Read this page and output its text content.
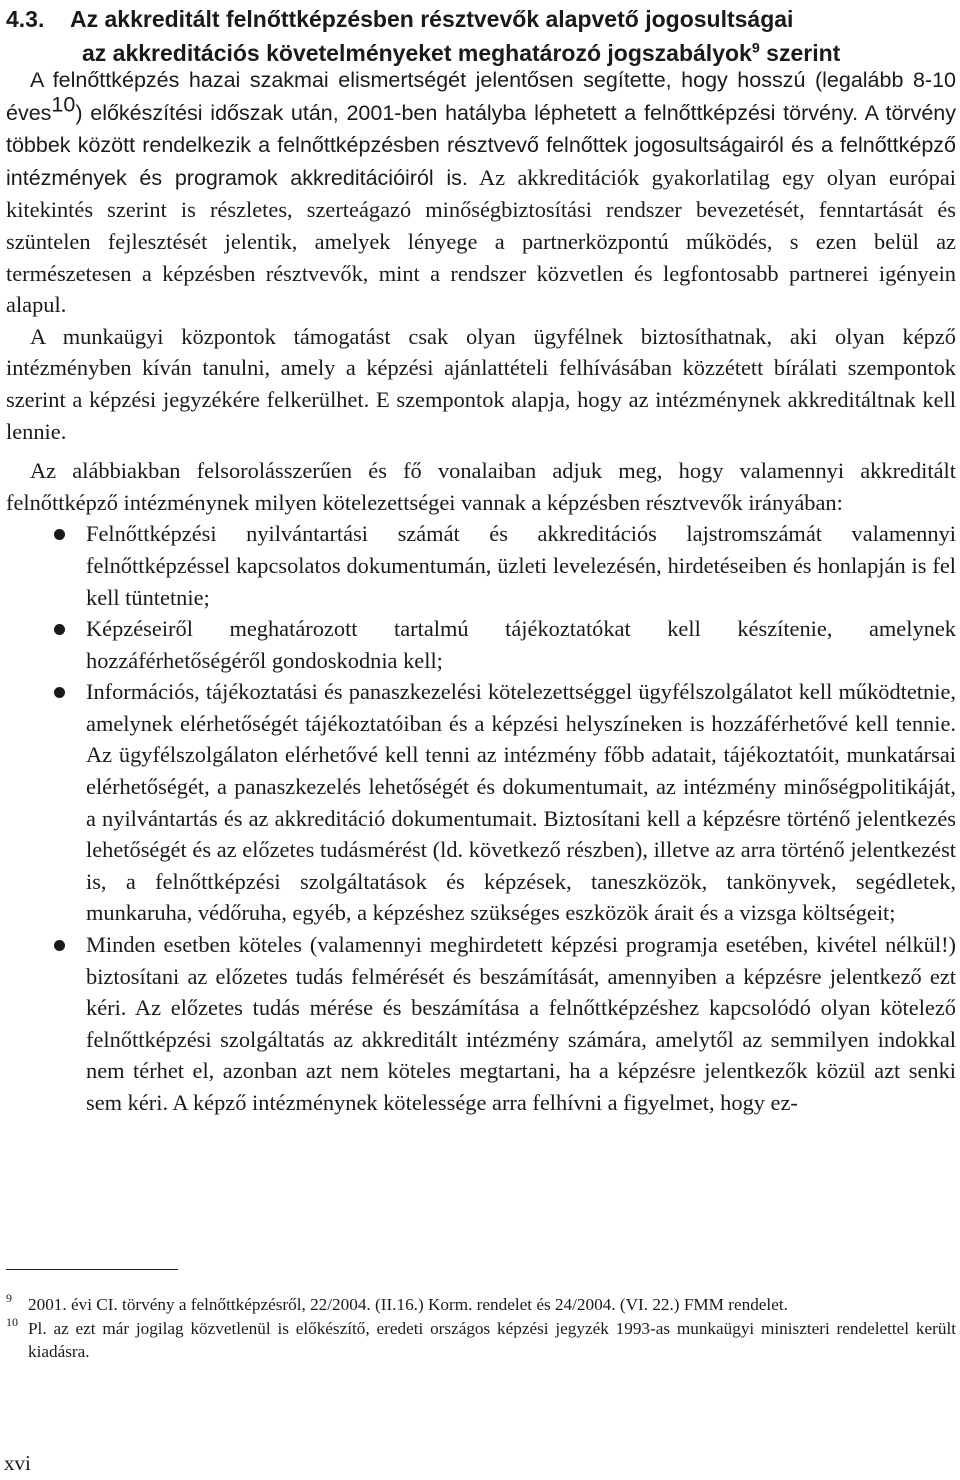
4.3. Az akkreditált felnőttképzésben résztvevők alapvető jogosultságai
az akkreditációs követelményeket meghatározó jogszabályok$^9$ szerint

A felnőttképzés hazai szakmai elismertségét jelentősen segítette, hogy hosszú (legalább 8-10 éves$^{10}$) előkészítési időszak után, 2001-ben hatályba léphetett a felnőttképzési törvény. A törvény többek között rendelkezik a felnőttképzésben résztvevő felnőttek jogosultságairól és a felnőttképző intézmények és programok akkreditációiról is. Az akkreditációk gyakorlatilag egy olyan európai kitekintés szerint is részletes, szerteágazó minőségbiztosítási rendszer bevezetését, fenntartását és szüntelen fejlesztését jelentik, amelyek lényege a partnerközpontú működés, s ezen belül az természetesen a képzésben résztvevők, mint a rendszer közvetlen és legfontosabb partnerei igényein alapul.

A munkaügyi központok támogatást csak olyan ügyfélnek biztosíthatnak, aki olyan képző intézményben kíván tanulni, amely a képzési ajánlattételi felhívásában közzétett bírálati szempontok szerint a képzési jegyzékére felkerülhet. E szempontok alapja, hogy az intézménynek akkreditáltnak kell lennie.

Az alábbiakban felsorolásszerűen és fő vonalaiban adjuk meg, hogy valamennyi akkreditált felnőttképző intézménynek milyen kötelezettségei vannak a képzésben résztvevők irányában:

Felnőttképzési nyilvántartási számát és akkreditációs lajstromszámát valamennyi felnőttképzéssel kapcsolatos dokumentumán, üzleti levelezésén, hirdetéseiben és honlapján is fel kell tüntetnie;
Képzéseiről meghatározott tartalmú tájékoztatókat kell készítenie, amelynek hozzáférhetőségéről gondoskodnia kell;
Információs, tájékoztatási és panaszkezelési kötelezettséggel ügyfélszolgálatot kell működtetnie, amelynek elérhetőségét tájékoztatóiban és a képzési helyszíneken is hozzáférhetővé kell tennie. Az ügyfélszolgálaton elérhetővé kell tenni az intézmény főbb adatait, tájékoztatóit, munkatársai elérhetőségét, a panaszkezelés lehetőségét és dokumentumait, az intézmény minőségpolitikáját, a nyilvántartás és az akkreditáció dokumentumait. Biztosítani kell a képzésre történő jelentkezés lehetőségét és az előzetes tudásmérést (ld. következő részben), illetve az arra történő jelentkezést is, a felnőttképzési szolgáltatások és képzések, taneszközök, tankönyvek, segédletek, munkaruha, védőruha, egyéb, a képzéshez szükséges eszközök árait és a vizsga költségeit;
Minden esetben köteles (valamennyi meghirdetett képzési programja esetében, kivétel nélkül!) biztosítani az előzetes tudás felmérését és beszámítását, amennyiben a képzésre jelentkező ezt kéri. Az előzetes tudás mérése és beszámítása a felnőttképzéshez kapcsolódó olyan kötelező felnőttképzési szolgáltatás az akkreditált intézmény számára, amelytől az semmilyen indokkal nem térhet el, azonban azt nem köteles megtartani, ha a képzésre jelentkezők közül azt senki sem kéri. A képző intézménynek kötelessége arra felhívni a figyelmet, hogy ez-

9 2001. évi CI. törvény a felnőttképzésről, 22/2004. (II.16.) Korm. rendelet és 24/2004. (VI. 22.) FMM rendelet.

10 Pl. az ezt már jogilag közvetlenül is előkészítő, eredeti országos képzési jegyzék 1993-as munkaügyi miniszteri rendelettel került kiadásra.

xvi
